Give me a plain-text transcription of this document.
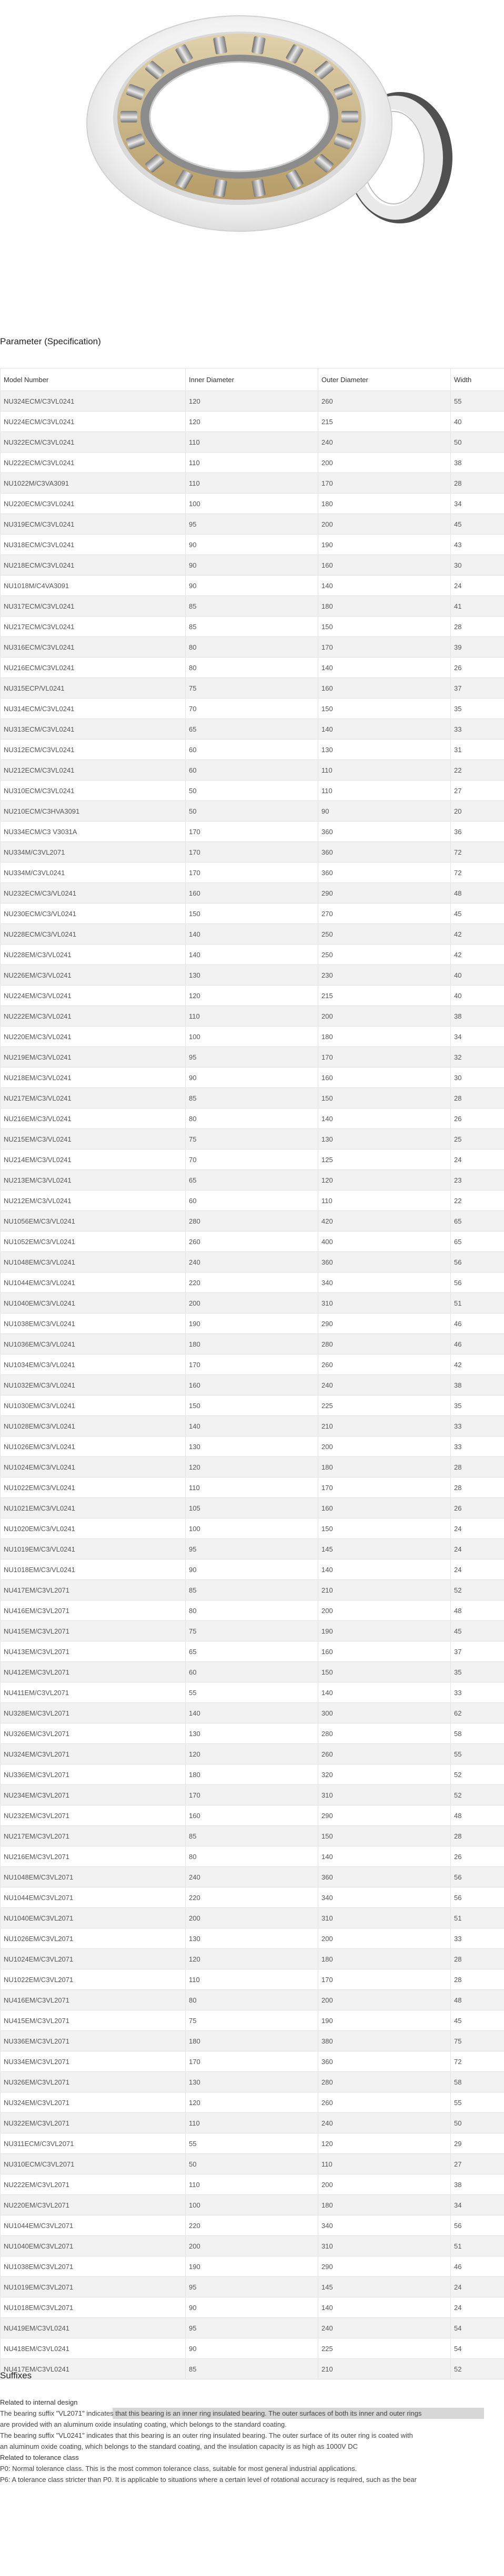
Parameter (Specification)
Model Number	Inner Diameter	Outer Diameter	Width
NU324ECM/C3VL0241	120	260	55
NU224ECM/C3VL0241	120	215	40
NU322ECM/C3VL0241	110	240	50
NU222ECM/C3VL0241	110	200	38
NU1022M/C3VA3091	110	170	28
NU220ECM/C3VL0241	100	180	34
NU319ECM/C3VL0241	95	200	45
NU318ECM/C3VL0241	90	190	43
NU218ECM/C3VL0241	90	160	30
NU1018M/C4VA3091	90	140	24
NU317ECM/C3VL0241	85	180	41
NU217ECM/C3VL0241	85	150	28
NU316ECM/C3VL0241	80	170	39
NU216ECM/C3VL0241	80	140	26
NU315ECP/VL0241	75	160	37
NU314ECM/C3VL0241	70	150	35
NU313ECM/C3VL0241	65	140	33
NU312ECM/C3VL0241	60	130	31
NU212ECM/C3VL0241	60	110	22
NU310ECM/C3VL0241	50	110	27
NU210ECM/C3HVA3091	50	90	20
NU334ECM/C3 V3031A	170	360	36
NU334M/C3VL2071	170	360	72
NU334M/C3VL0241	170	360	72
NU232ECM/C3/VL0241	160	290	48
NU230ECM/C3/VL0241	150	270	45
NU228ECM/C3/VL0241	140	250	42
NU228EM/C3/VL0241	140	250	42
NU226EM/C3/VL0241	130	230	40
NU224EM/C3/VL0241	120	215	40
NU222EM/C3/VL0241	110	200	38
NU220EM/C3/VL0241	100	180	34
NU219EM/C3/VL0241	95	170	32
NU218EM/C3/VL0241	90	160	30
NU217EM/C3/VL0241	85	150	28
NU216EM/C3/VL0241	80	140	26
NU215EM/C3/VL0241	75	130	25
NU214EM/C3/VL0241	70	125	24
NU213EM/C3/VL0241	65	120	23
NU212EM/C3/VL0241	60	110	22
NU1056EM/C3/VL0241	280	420	65
NU1052EM/C3/VL0241	260	400	65
NU1048EM/C3/VL0241	240	360	56
NU1044EM/C3/VL0241	220	340	56
NU1040EM/C3/VL0241	200	310	51
NU1038EM/C3/VL0241	190	290	46
NU1036EM/C3/VL0241	180	280	46
NU1034EM/C3/VL0241	170	260	42
NU1032EM/C3/VL0241	160	240	38
NU1030EM/C3/VL0241	150	225	35
NU1028EM/C3/VL0241	140	210	33
NU1026EM/C3/VL0241	130	200	33
NU1024EM/C3/VL0241	120	180	28
NU1022EM/C3/VL0241	110	170	28
NU1021EM/C3/VL0241	105	160	26
NU1020EM/C3/VL0241	100	150	24
NU1019EM/C3/VL0241	95	145	24
NU1018EM/C3/VL0241	90	140	24
NU417EM/C3VL2071	85	210	52
NU416EM/C3VL2071	80	200	48
NU415EM/C3VL2071	75	190	45
NU413EM/C3VL2071	65	160	37
NU412EM/C3VL2071	60	150	35
NU411EM/C3VL2071	55	140	33
NU328EM/C3VL2071	140	300	62
NU326EM/C3VL2071	130	280	58
NU324EM/C3VL2071	120	260	55
NU336EM/C3VL2071	180	320	52
NU234EM/C3VL2071	170	310	52
NU232EM/C3VL2071	160	290	48
NU217EM/C3VL2071	85	150	28
NU216EM/C3VL2071	80	140	26
NU1048EM/C3VL2071	240	360	56
NU1044EM/C3VL2071	220	340	56
NU1040EM/C3VL2071	200	310	51
NU1026EM/C3VL2071	130	200	33
NU1024EM/C3VL2071	120	180	28
NU1022EM/C3VL2071	110	170	28
NU416EM/C3VL2071	80	200	48
NU415EM/C3VL2071	75	190	45
NU336EM/C3VL2071	180	380	75
NU334EM/C3VL2071	170	360	72
NU326EM/C3VL2071	130	280	58
NU324EM/C3VL2071	120	260	55
NU322EM/C3VL2071	110	240	50
NU311ECM/C3VL2071	55	120	29
NU310ECM/C3VL2071	50	110	27
NU222EM/C3VL2071	110	200	38
NU220EM/C3VL2071	100	180	34
NU1044EM/C3VL2071	220	340	56
NU1040EM/C3VL2071	200	310	51
NU1038EM/C3VL2071	190	290	46
NU1019EM/C3VL2071	95	145	24
NU1018EM/C3VL2071	90	140	24
NU419EM/C3VL0241	95	240	54
NU418EM/C3VL0241	90	225	54
NU417EM/C3VL0241	85	210	52
Suffixes

Related to internal design

The bearing suffix "VL2071" indicates that this bearing is an inner ring insulated bearing. The outer surfaces of both its inner and outer rings

are provided with an aluminum oxide insulating coating, which belongs to the standard coating.

The bearing suffix "VL0241" indicates that this bearing is an outer ring insulated bearing. The outer surface of its outer ring is coated with

an aluminum oxide coating, which belongs to the standard coating, and the insulation capacity is as high as 1000V DC

Related to tolerance class

P0: Normal tolerance class. This is the most common tolerance class, suitable for most general industrial applications.

P6: A tolerance class stricter than P0. It is applicable to situations where a certain level of rotational accuracy is required, such as the bear
